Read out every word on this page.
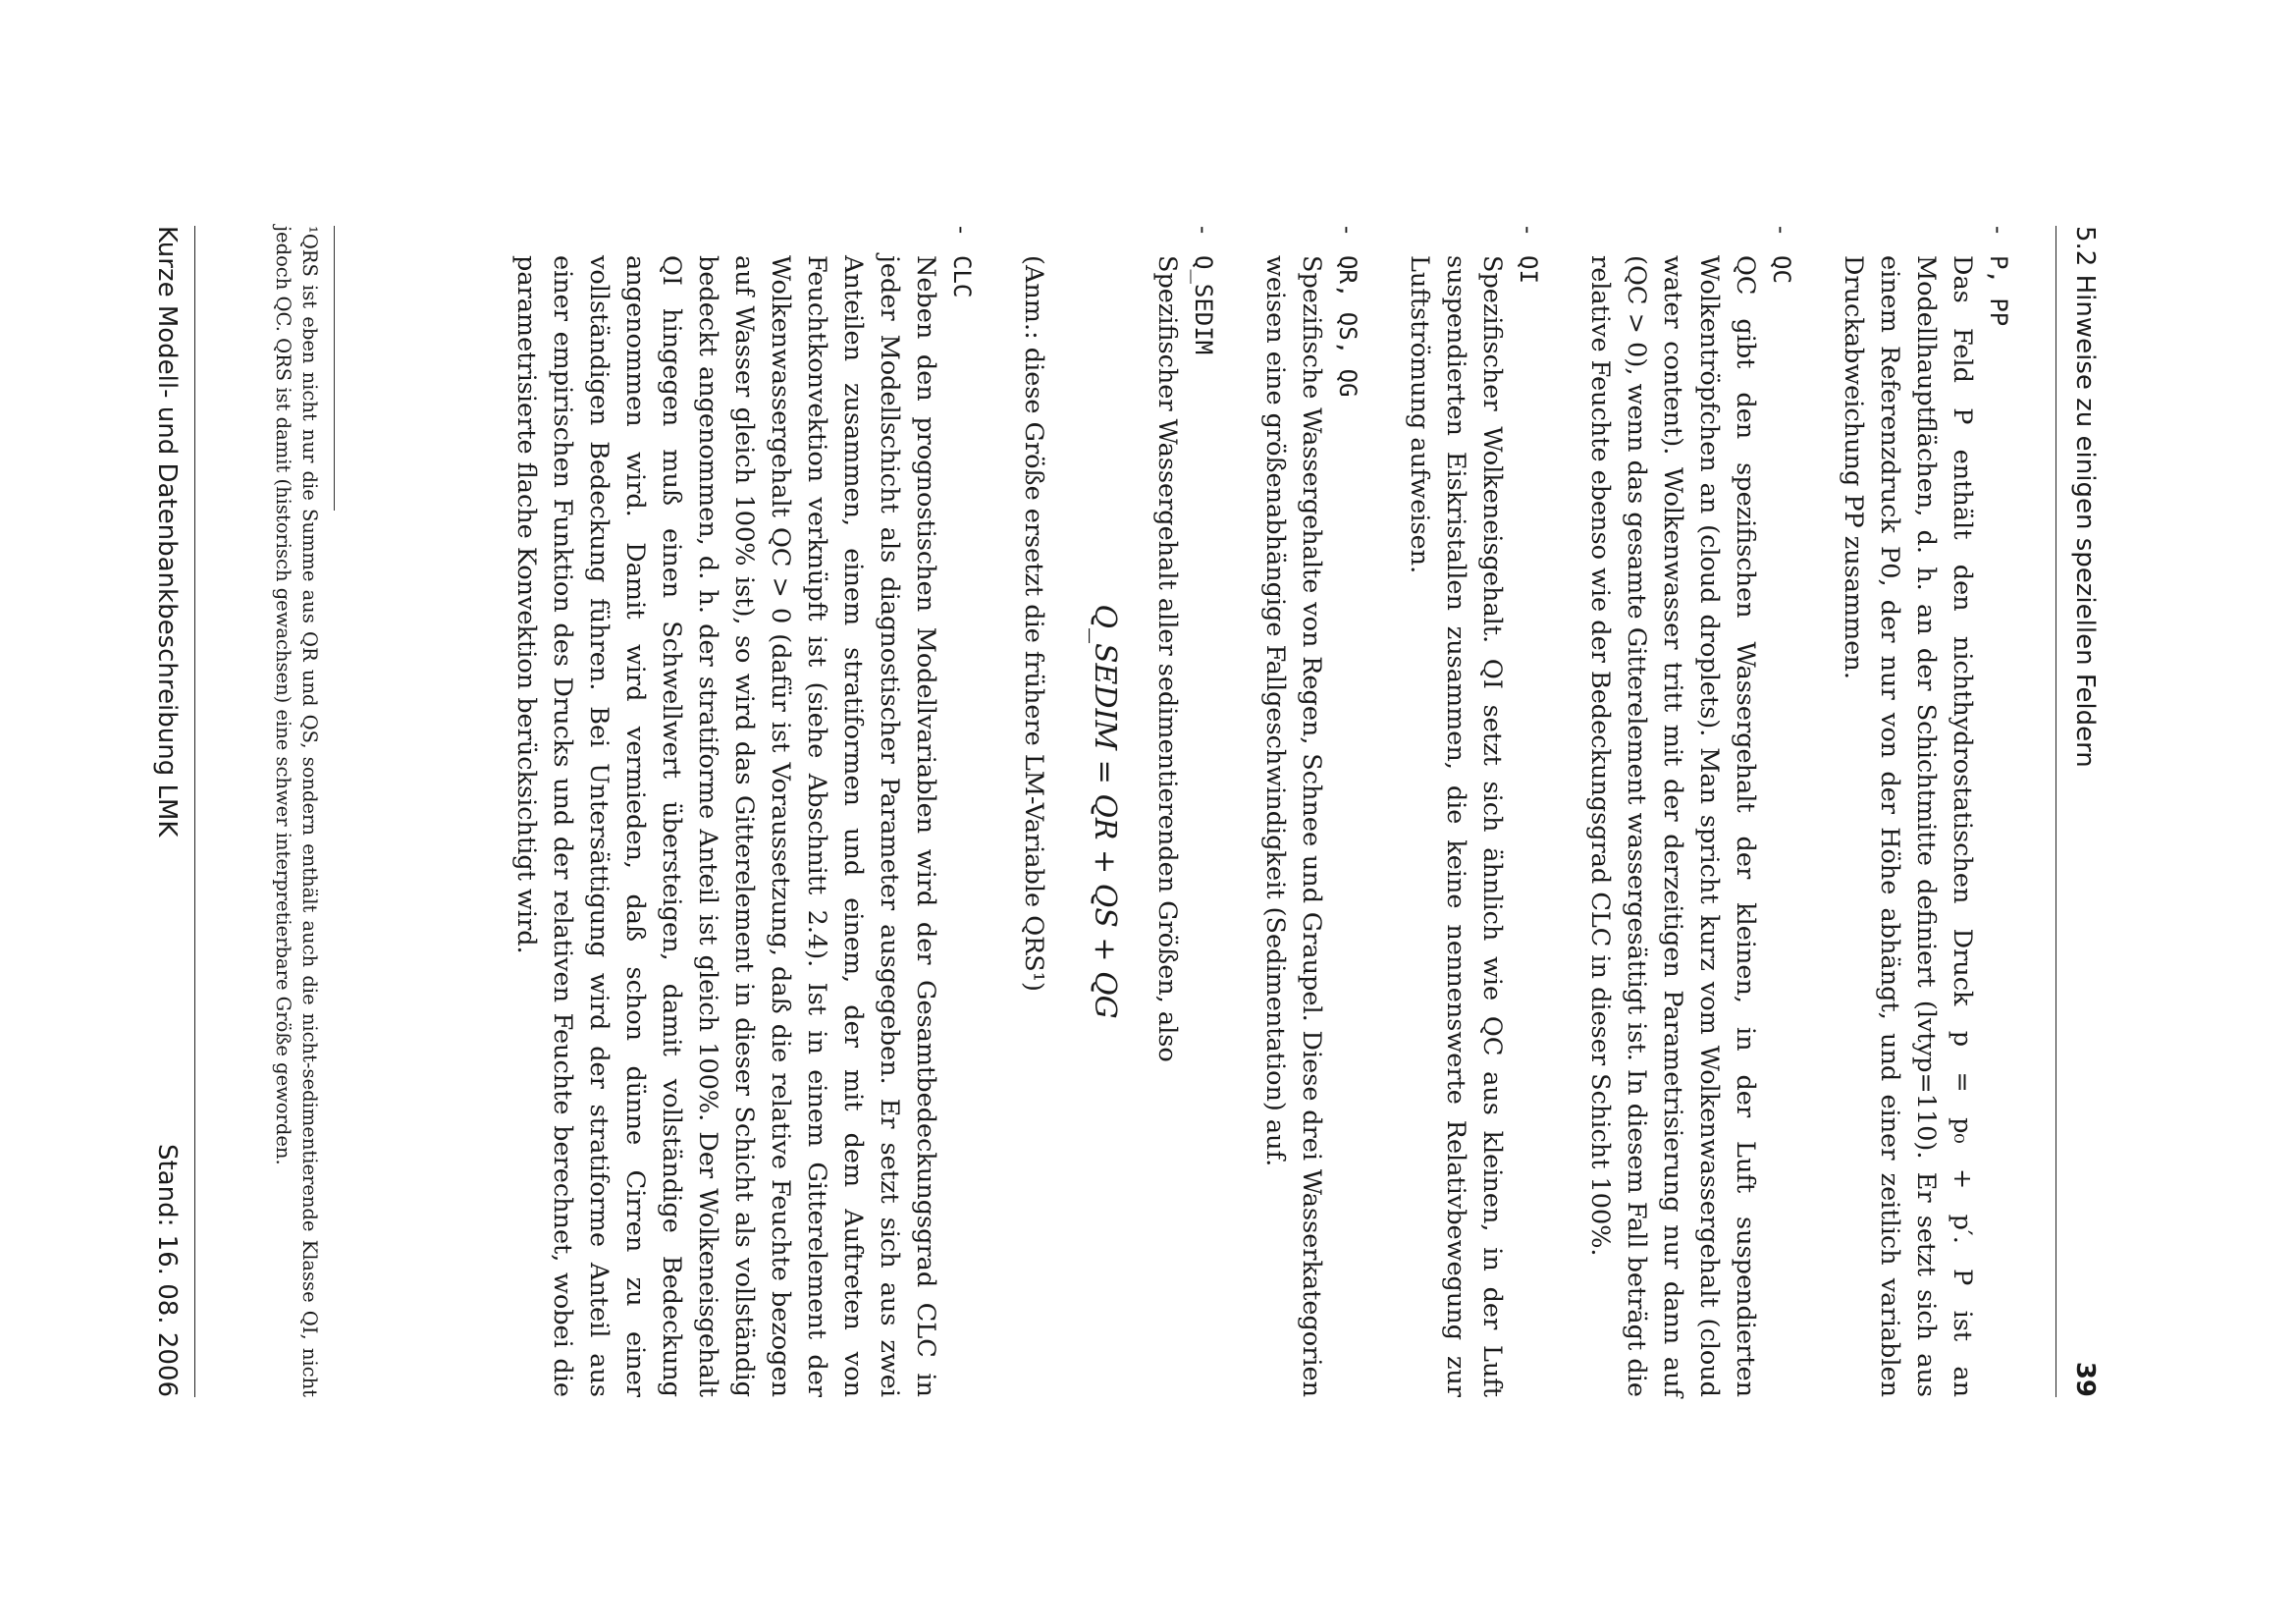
5.2 Hinweise zu einigen speziellen Feldern
39
-P, PP
Das Feld P enthält den nichthydrostatischen Druck p = p₀ + p′. P ist an Modellhauptflächen, d. h. an der Schichtmitte definiert (lvtyp=110). Er setzt sich aus einem Referenzdruck P0, der nur von der Höhe abhängt, und einer zeitlich variablen Druckabweichung PP zusammen.
-QC
QC gibt den spezifischen Wassergehalt der kleinen, in der Luft suspendierten Wolkentröpfchen an (cloud droplets). Man spricht kurz vom Wolkenwassergehalt (cloud water content). Wolkenwasser tritt mit der derzeitigen Parametrisierung nur dann auf (QC > 0), wenn das gesamte Gitterelement wassergesättigt ist. In diesem Fall beträgt die relative Feuchte ebenso wie der Bedeckungsgrad CLC in dieser Schicht 100%.
-QI
Spezifischer Wolkeneisgehalt. QI setzt sich ähnlich wie QC aus kleinen, in der Luft suspendierten Eiskristallen zusammen, die keine nennenswerte Relativbewegung zur Luftströmung aufweisen.
-QR, QS, QG
Spezifische Wassergehalte von Regen, Schnee und Graupel. Diese drei Wasserkategorien weisen eine größenabhängige Fallgeschwindigkeit (Sedimentation) auf.
-Q_SEDIM
Spezifischer Wassergehalt aller sedimentierenden Größen, also
Q_SEDIM = QR + QS + QG
(Anm.: diese Größe ersetzt die frühere LM-Variable QRS¹)
-CLC
Neben den prognostischen Modellvariablen wird der Gesamtbedeckungsgrad CLC in jeder Modellschicht als diagnostischer Parameter ausgegeben. Er setzt sich aus zwei Anteilen zusammen, einem stratiformen und einem, der mit dem Auftreten von Feuchtkonvektion verknüpft ist (siehe Abschnitt 2.4). Ist in einem Gitterelement der Wolkenwassergehalt QC > 0 (dafür ist Voraussetzung, daß die relative Feuchte bezogen auf Wasser gleich 100% ist), so wird das Gitterelement in dieser Schicht als vollständig bedeckt angenommen, d. h. der stratiforme Anteil ist gleich 100%. Der Wolkeneisgehalt QI hingegen muß einen Schwellwert übersteigen, damit vollständige Bedeckung angenommen wird. Damit wird vermieden, daß schon dünne Cirren zu einer vollständigen Bedeckung führen. Bei Untersättigung wird der stratiforme Anteil aus einer empirischen Funktion des Drucks und der relativen Feuchte berechnet, wobei die parametrisierte flache Konvektion berücksichtigt wird.
¹QRS ist eben nicht nur die Summe aus QR und QS, sondern enthält auch die nicht-sedimentierende Klasse QI, nicht jedoch QC. QRS ist damit (historisch gewachsen) eine schwer interpretierbare Größe geworden.
Kurze Modell- und Datenbankbeschreibung LMK
Stand: 16. 08. 2006
